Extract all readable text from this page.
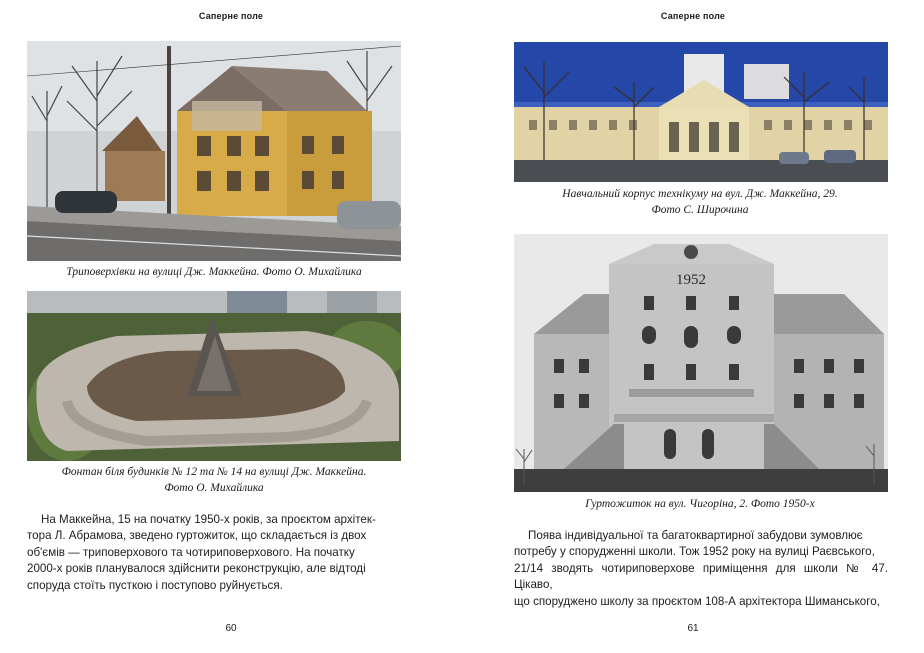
Саперне поле
Триповерхівки на вулиці Дж. Маккейна. Фото О. Михайлика
Фонтан біля будинків № 12 та № 14 на вулиці Дж. Маккейна.
Фото О. Михайлика
На Маккейна, 15 на початку 1950-х років, за проєктом архітек-
тора Л. Абрамова, зведено гуртожиток, що складається із двох
об'ємів — триповерхового та чотириповерхового. На початку
2000-х років планувалося здійснити реконструкцію, але відтоді
споруда стоїть пусткою і поступово руйнується.
60
Саперне поле
Навчальний корпус технікуму на вул. Дж. Маккейна, 29.
Фото С. Широчина
1952
Гуртожиток на вул. Чигоріна, 2. Фото 1950-х
Поява індивідуальної та багатоквартирної забудови зумовлює
потребу у спорудженні школи. Тож 1952 року на вулиці Раєвського,
21/14 зводять чотириповерхове приміщення для школи № 47. Цікаво,
що споруджено школу за проєктом 108-А архітектора Шиманського,
61
